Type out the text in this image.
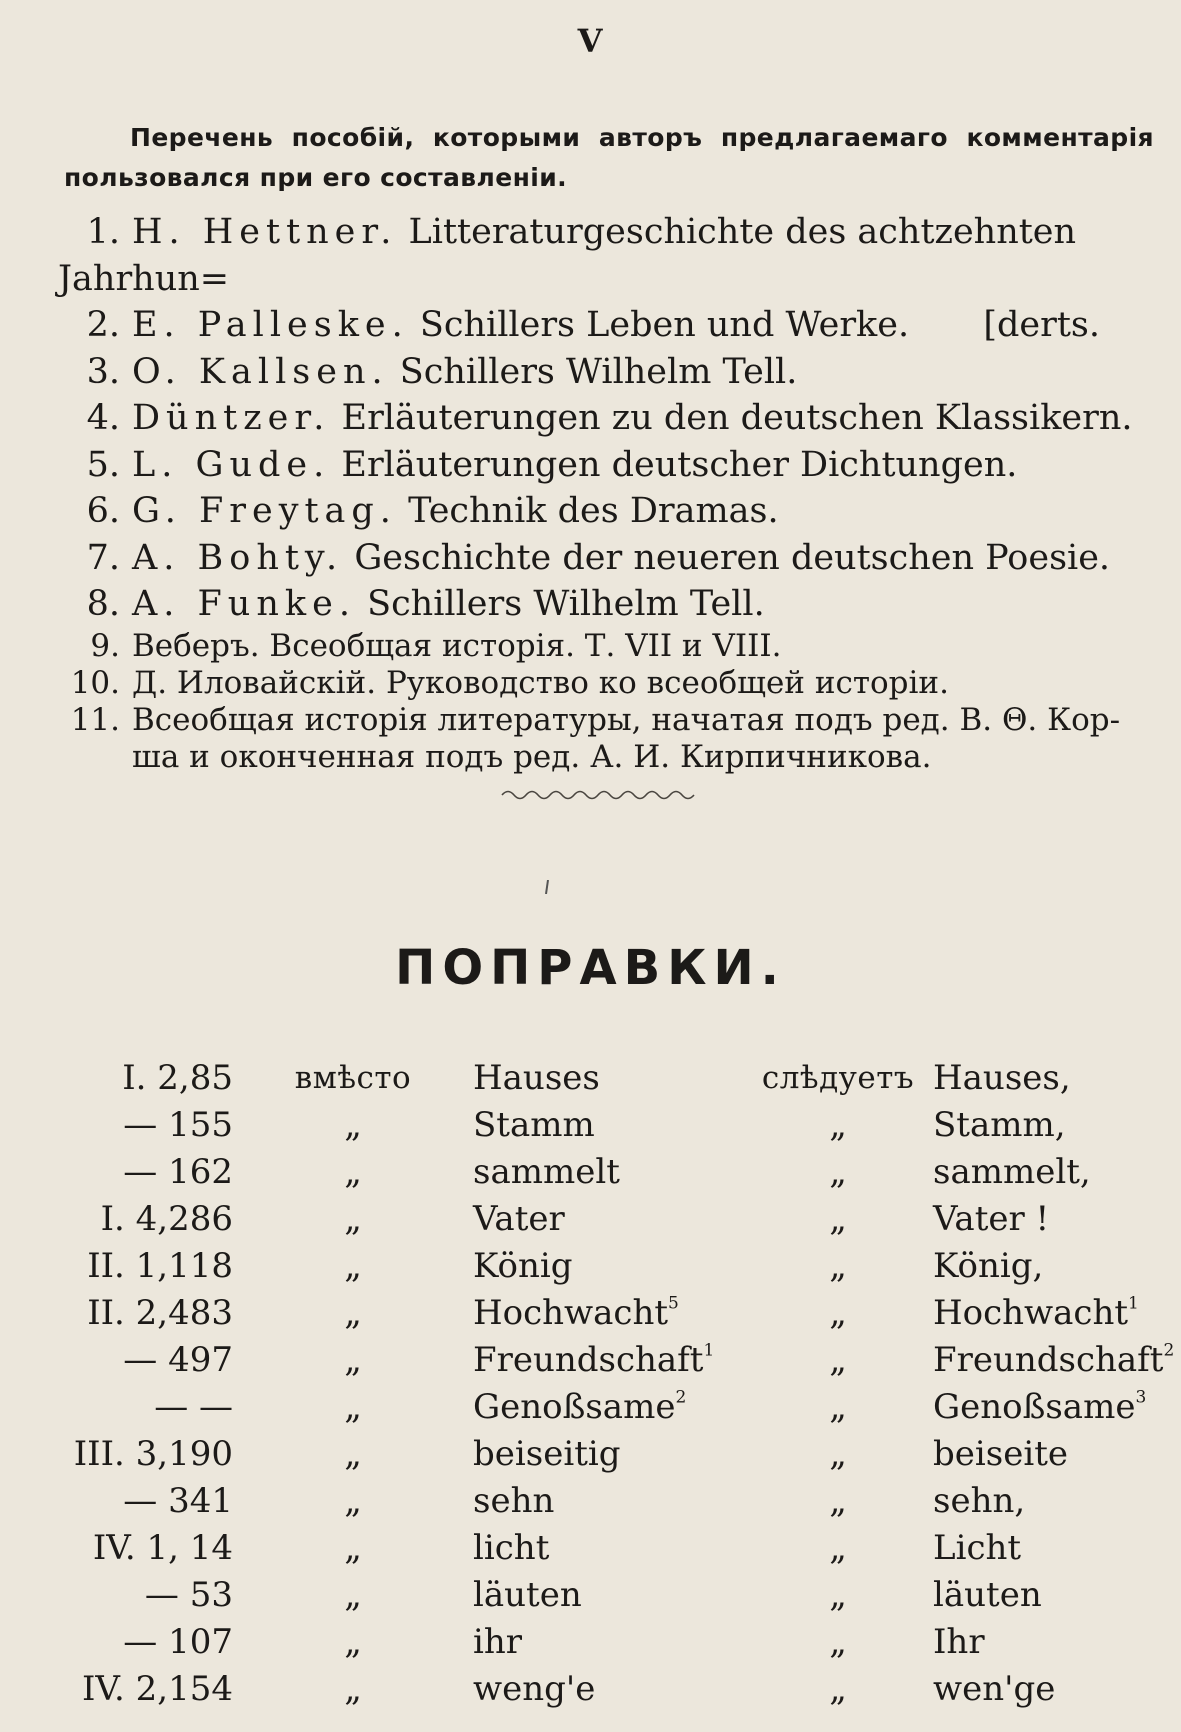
V
Перечень пособій, которыми авторъ предлагаемаго комментарія пользовался при его составленіи.
1. H. Hettner. Litteraturgeschichte des achtzehnten Jahrhun=
2. E. Palleske. Schillers Leben und Werke. [derts.
3. O. Kallsen. Schillers Wilhelm Tell.
4. Düntzer. Erläuterungen zu den deutschen Klassikern.
5. L. Gude. Erläuterungen deutscher Dichtungen.
6. G. Freytag. Technik des Dramas.
7. A. Bohty. Geschichte der neueren deutschen Poesie.
8. A. Funke. Schillers Wilhelm Tell.
9. Веберъ. Всеобщая исторія. Т. VII и VIII.
10. Д. Иловайскій. Руководство ко всеобщей исторіи.
11. Всеобщая исторія литературы, начатая подъ ред. В. Θ. Кор-
ша и оконченная подъ ред. А. И. Кирпичникова.
ПОПРАВКИ.
I. 2,85	вмѣсто	Hauses	слѣдуетъ	Hauses,
— 155	„	Stamm	„	Stamm,
— 162	„	sammelt	„	sammelt,
I. 4,286	„	Vater	„	Vater !
II. 1,118	„	König	„	König,
II. 2,483	„	Hochwacht$^5$	„	Hochwacht$^1$
— 497	„	Freundschaft$^1$	„	Freundschaft$^2$
— —	„	Genoßsame$^2$	„	Genoßsame$^3$
III. 3,190	„	beiseitig	„	beiseite
— 341	„	sehn	„	sehn,
IV. 1, 14	„	licht	„	Licht
— 53	„	läuten	„	läuten
— 107	„	ihr	„	Ihr
IV. 2,154	„	weng'e	„	wen'ge
